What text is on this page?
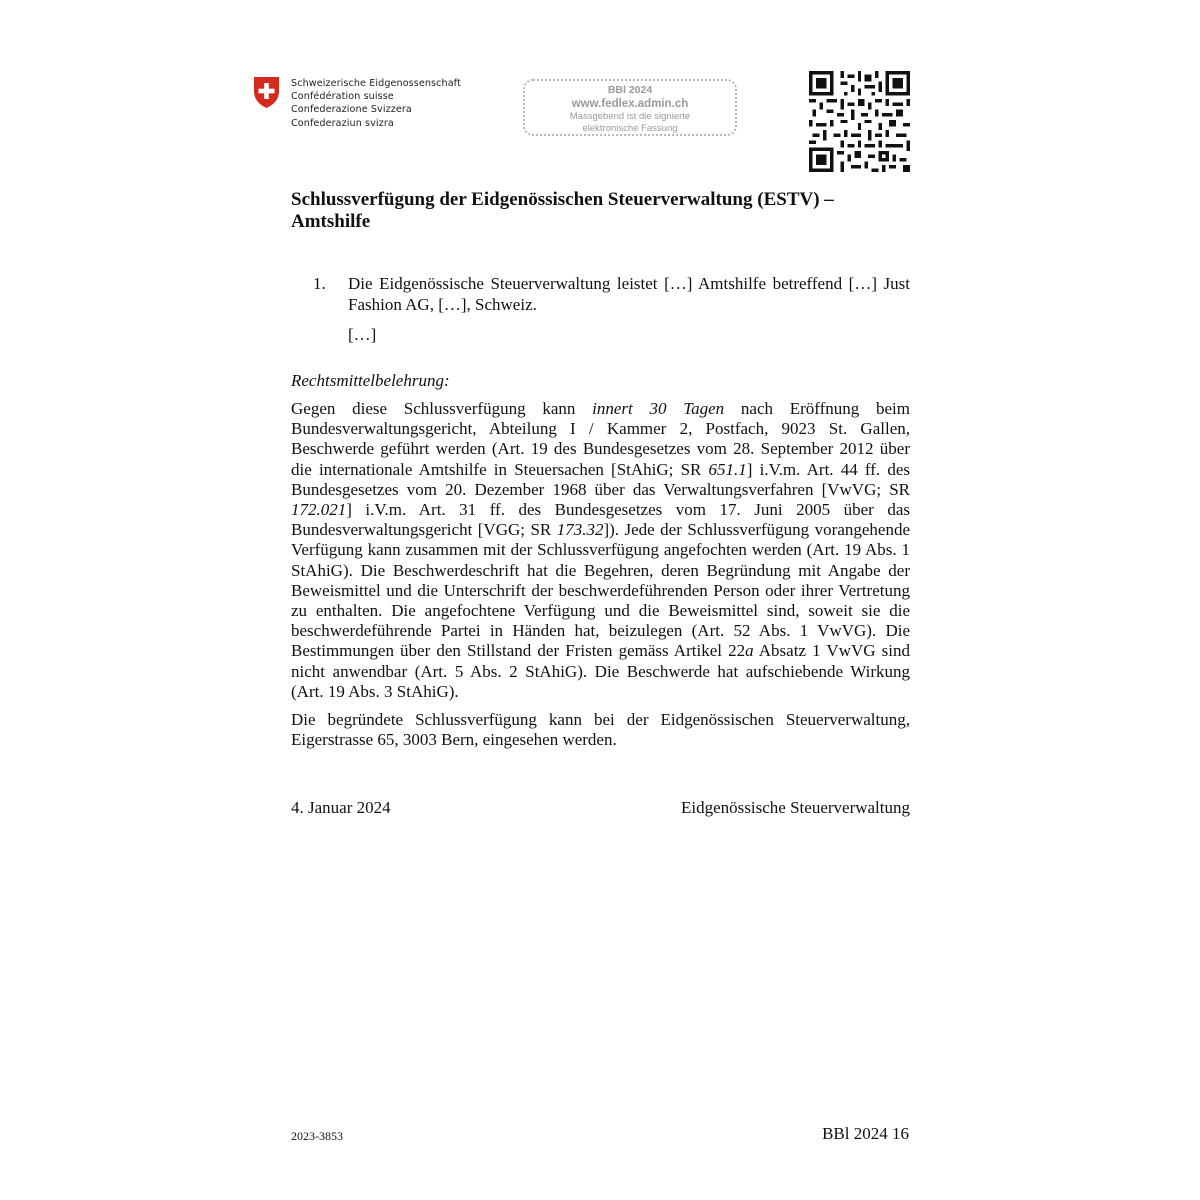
Schweizerische Eidgenossenschaft
Confédération suisse
Confederazione Svizzera
Confederaziun svizra
BBl 2024
www.fedlex.admin.ch
Massgebend ist die signierte
elektronische Fassung
Schlussverfügung der Eidgenössischen Steuerverwaltung (ESTV) –
Amtshilfe
1. Die Eidgenössische Steuerverwaltung leistet […] Amtshilfe betreffend […] Just Fashion AG, […], Schweiz.
[…]
Rechtsmittelbelehrung:

Gegen diese Schlussverfügung kann innert 30 Tagen nach Eröffnung beim Bundesverwaltungsgericht, Abteilung I / Kammer 2, Postfach, 9023 St. Gallen, Beschwerde geführt werden (Art. 19 des Bundesgesetzes vom 28. September 2012 über die internationale Amtshilfe in Steuersachen [StAhiG; SR 651.1] i.V.m. Art. 44 ff. des Bundesgesetzes vom 20. Dezember 1968 über das Verwaltungsverfahren [VwVG; SR 172.021] i.V.m. Art. 31 ff. des Bundesgesetzes vom 17. Juni 2005 über das Bundesverwaltungsgericht [VGG; SR 173.32]). Jede der Schlussverfügung vorangehende Verfügung kann zusammen mit der Schlussverfügung angefochten werden (Art. 19 Abs. 1 StAhiG). Die Beschwerdeschrift hat die Begehren, deren Begründung mit Angabe der Beweismittel und die Unterschrift der beschwerdeführenden Person oder ihrer Vertretung zu enthalten. Die angefochtene Verfügung und die Beweismittel sind, soweit sie die beschwerdeführende Partei in Händen hat, beizulegen (Art. 52 Abs. 1 VwVG). Die Bestimmungen über den Stillstand der Fristen gemäss Artikel 22a Absatz 1 VwVG sind nicht anwendbar (Art. 5 Abs. 2 StAhiG). Die Beschwerde hat aufschiebende Wirkung (Art. 19 Abs. 3 StAhiG).

Die begründete Schlussverfügung kann bei der Eidgenössischen Steuerverwaltung, Eigerstrasse 65, 3003 Bern, eingesehen werden.

4. Januar 2024	Eidgenössische Steuerverwaltung
2023-3853	BBl 2024 16
